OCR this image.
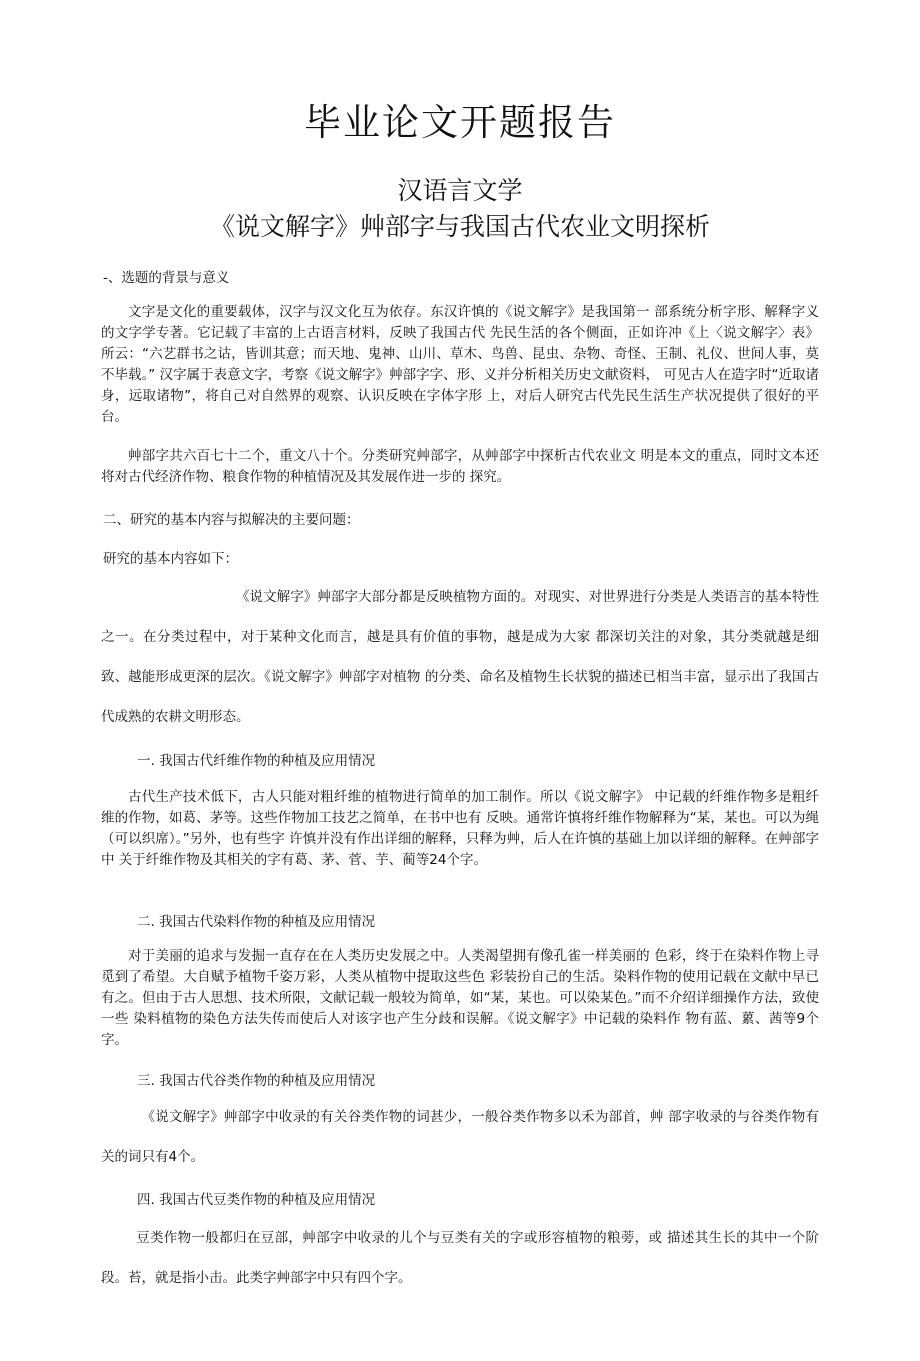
毕业论文开题报告
汉语言文学
《说文解字》艸部字与我国古代农业文明探析
-、选题的背景与意义

文字是文化的重要载体，汉字与汉文化互为依存。东汉许慎的《说文解字》是我国第一 部系统分析字形、解释字义的文字学专著。它记载了丰富的上古语言材料，反映了我国古代 先民生活的各个侧面，正如许冲《上〈说文解字〉表》所云：“六艺群书之诂，皆训其意；而天地、鬼神、山川、草木、鸟兽、昆虫、杂物、奇怪、王制、礼仪、世间人事，莫不毕载。” 汉字属于表意文字，考察《说文解字》艸部字字、形、义并分析相关历史文献资料， 可见古人在造字时“近取诸身，远取诸物”，将自己对自然界的观察、认识反映在字体字形 上，对后人研究古代先民生活生产状况提供了很好的平台。

艸部字共六百七十二个，重文八十个。分类研究艸部字，从艸部字中探析古代农业文 明是本文的重点，同时文本还将对古代经济作物、粮食作物的种植情况及其发展作进一步的 探究。

二、研究的基本内容与拟解决的主要问题：
研究的基本内容如下：

《说文解字》艸部字大部分都是反映植物方面的。对现实、对世界进行分类是人类语言的基本特性之一。在分类过程中，对于某种文化而言，越是具有价值的事物，越是成为大家 都深切关注的对象，其分类就越是细致、越能形成更深的层次。《说文解字》艸部字对植物 的分类、命名及植物生长状貌的描述已相当丰富，显示出了我国古代成熟的农耕文明形态。

一. 我国古代纤维作物的种植及应用情况

古代生产技术低下，古人只能对粗纤维的植物进行简单的加工制作。所以《说文解字》 中记载的纤维作物多是粗纤维的作物，如葛、茅等。这些作物加工技艺之简单，在书中也有 反映。通常许慎将纤维作物解释为“某，某也。可以为绳（可以织席）。”另外，也有些字 许慎并没有作出详细的解释，只释为艸，后人在许慎的基础上加以详细的解释。在艸部字中 关于纤维作物及其相关的字有葛、茅、菅、芋、蔺等24个字。

二. 我国古代染料作物的种植及应用情况

对于美丽的追求与发掘一直存在在人类历史发展之中。人类渴望拥有像孔雀一样美丽的 色彩，终于在染料作物上寻觅到了希望。大自赋予植物千姿万彩，人类从植物中提取这些色 彩装扮自己的生活。染料作物的使用记载在文献中早已有之。但由于古人思想、技术所限，文献记载一般较为简单，如“某，某也。可以染某色。”而不介绍详细操作方法，致使一些 染料植物的染色方法失传而使后人对该字也产生分歧和误解。《说文解字》中记载的染料作 物有蓝、蔂、茜等9个字。

三. 我国古代谷类作物的种植及应用情况

《说文解字》艸部字中收录的有关谷类作物的词甚少，一般谷类作物多以禾为部首，艸 部字收录的与谷类作物有关的词只有4个。

四. 我国古代豆类作物的种植及应用情况

豆类作物一般都归在豆部，艸部字中收录的儿个与豆类有关的字或形容植物的粮蒡，或 描述其生长的其中一个阶段。苔，就是指小击。此类字艸部字中只有四个字。
